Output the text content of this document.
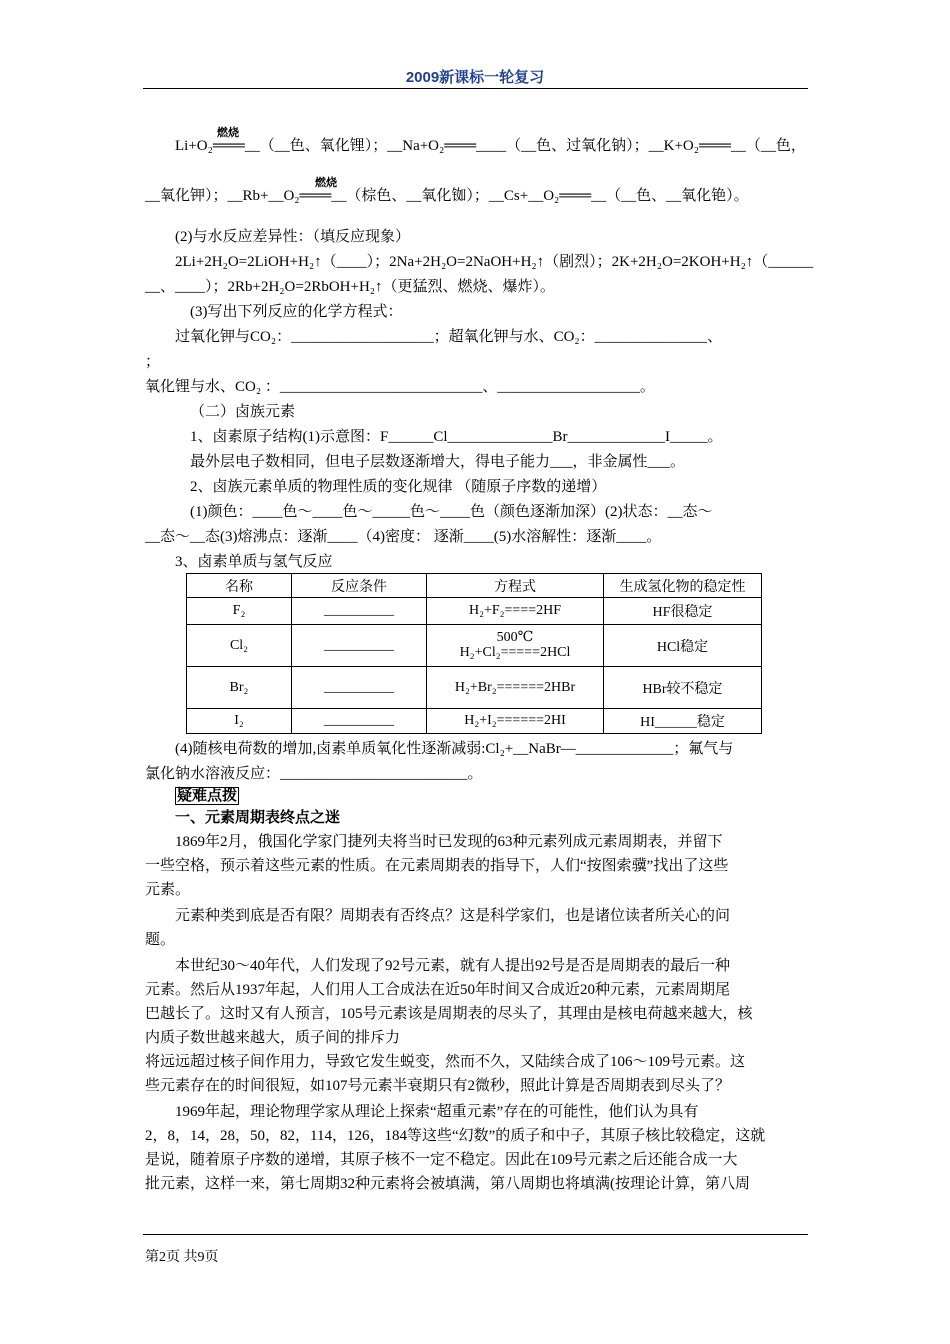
2009新课标一轮复习
Li+O₂═══__（__色、氧化锂）；__Na+O₂═══____（__色、过氧化钠）；__K+O₂═══__（__色，
燃烧
__氧化钾）；__Rb+__O₂═══__（棕色、__氧化铷）；__Cs+__O₂═══__（__色、__氧化铯）。
燃烧
(2)与水反应差异性：（填反应现象）
2Li+2H₂O=2LiOH+H₂↑（____）；2Na+2H₂O=2NaOH+H₂↑（剧烈）；2K+2H₂O=2KOH+H₂↑（______
__、____）；2Rb+2H₂O=2RbOH+H₂↑（更猛烈、燃烧、爆炸）。
(3)写出下列反应的化学方程式：
过氧化钾与CO₂：___________________；超氧化钾与水、CO₂：_______________、
；
氧化锂与水、CO₂ ：___________________________、___________________。
（二）卤族元素
1、卤素原子结构(1)示意图：F______Cl______________Br_____________I_____。
最外层电子数相同，但电子层数逐渐增大，得电子能力___，非金属性___。
2、卤族元素单质的物理性质的变化规律 （随原子序数的递增）
(1)颜色：____色～____色～_____色～____色（颜色逐渐加深）(2)状态：__态～
__态～__态(3)熔沸点：逐渐____（4)密度： 逐渐____(5)水溶解性：逐渐____。
3、卤素单质与氢气反应
名称	反应条件	方程式	生成氢化物的稳定性
F₂	__________	H₂+F₂====2HF	HF很稳定
Cl₂	__________	500℃
H₂+Cl₂=====2HCl	HCl稳定
Br₂	__________	H₂+Br₂======2HBr	HBr较不稳定
I₂	__________	H₂+I₂======2HI	HI______稳定
(4)随核电荷数的增加,卤素单质氧化性逐渐减弱:Cl₂+__NaBr—_____________；氟气与
氯化钠水溶液反应：_________________________。
疑难点拨
一、元素周期表终点之迷
1869年2月，俄国化学家门捷列夫将当时已发现的63种元素列成元素周期表，并留下
一些空格，预示着这些元素的性质。在元素周期表的指导下，人们“按图索骥”找出了这些
元素。
元素种类到底是否有限？周期表有否终点？这是科学家们，也是诸位读者所关心的问
题。
本世纪30～40年代，人们发现了92号元素，就有人提出92号是否是周期表的最后一种
元素。然后从1937年起，人们用人工合成法在近50年时间又合成近20种元素，元素周期尾
巴越长了。这时又有人预言，105号元素该是周期表的尽头了，其理由是核电荷越来越大，核
内质子数世越来越大，质子间的排斥力
将远远超过核子间作用力，导致它发生蜕变，然而不久，又陆续合成了106～109号元素。这
些元素存在的时间很短，如107号元素半衰期只有2微秒，照此计算是否周期表到尽头了？
1969年起，理论物理学家从理论上探索“超重元素”存在的可能性，他们认为具有
2，8，14，28，50，82，114，126，184等这些“幻数”的质子和中子，其原子核比较稳定，这就
是说，随着原子序数的递增，其原子核不一定不稳定。因此在109号元素之后还能合成一大
批元素，这样一来，第七周期32种元素将会被填满，第八周期也将填满(按理论计算，第八周
第2页 共9页
